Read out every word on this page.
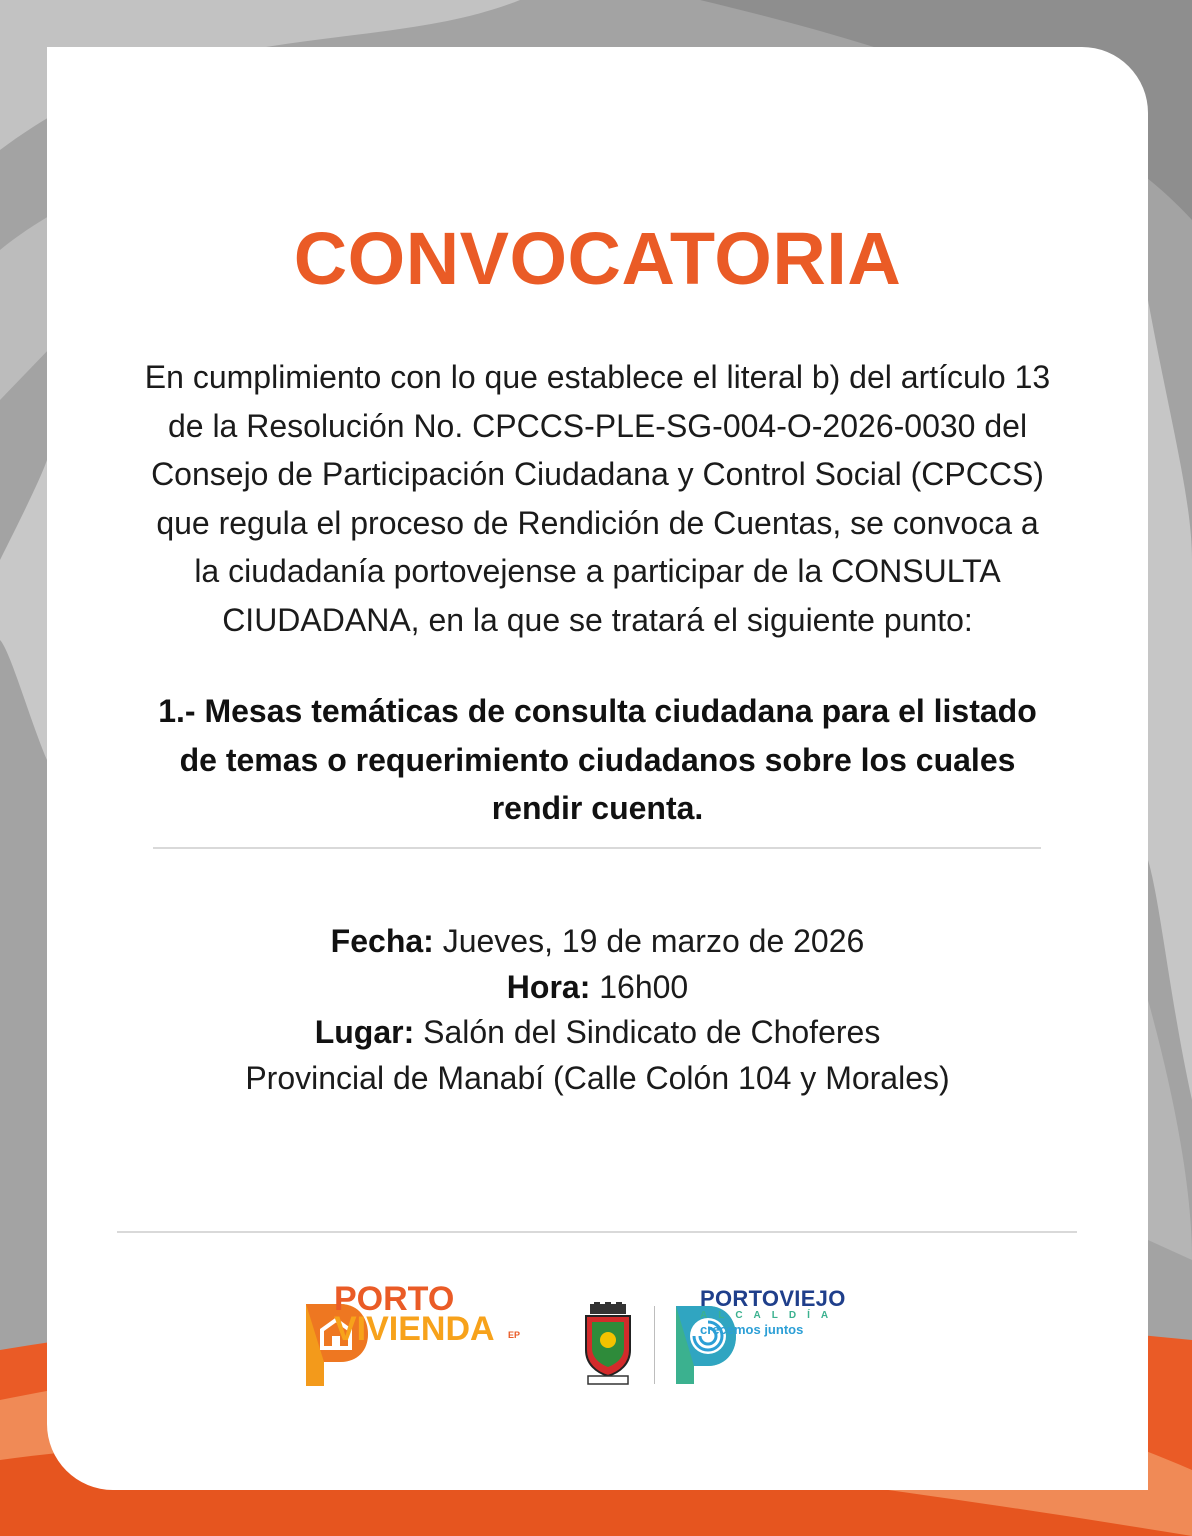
CONVOCATORIA
En cumplimiento con lo que establece el literal b) del artículo 13
de la Resolución No. CPCCS-PLE-SG-004-O-2026-0030 del
Consejo de Participación Ciudadana y Control Social (CPCCS)
que regula el proceso de Rendición de Cuentas, se convoca a
la ciudadanía portovejense a participar de la CONSULTA
CIUDADANA, en la que se tratará el siguiente punto:
1.- Mesas temáticas de consulta ciudadana para el listado
de temas o requerimiento ciudadanos sobre los cuales
rendir cuenta.
Fecha: Jueves, 19 de marzo de 2026
Hora: 16h00
Lugar: Salón del Sindicato de Choferes
Provincial de Manabí (Calle Colón 104 y Morales)
PORTO
VIVIENDA EP
PORTOVIEJO
ALCALDÍA
crecemos juntos
